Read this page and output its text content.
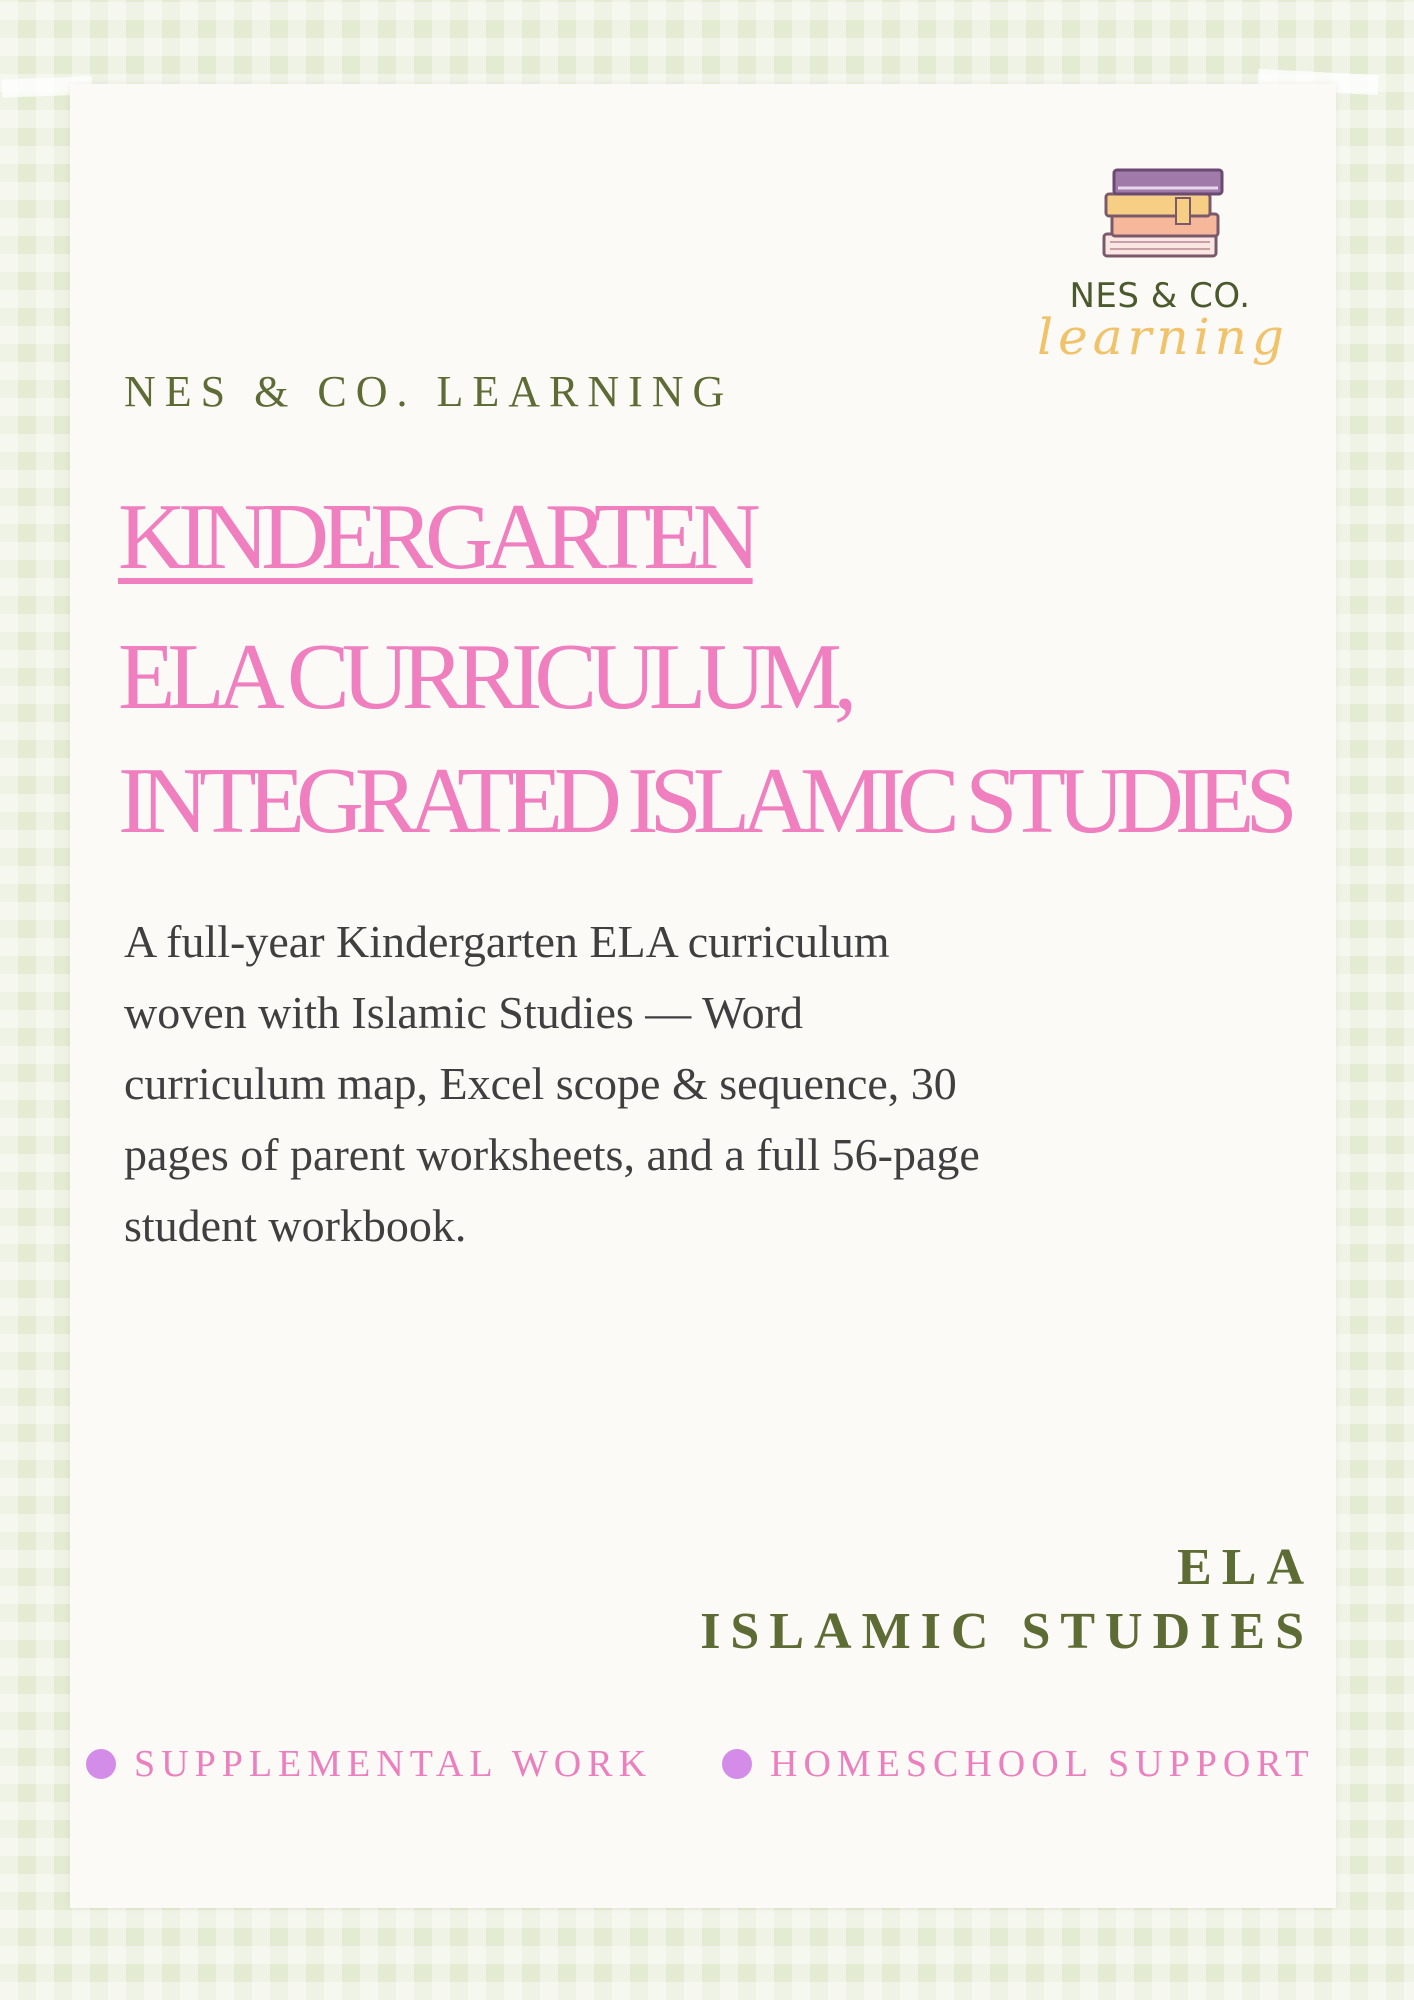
NES & CO.
learning
NES & CO. LEARNING
KINDERGARTEN
ELA CURRICULUM,
INTEGRATED ISLAMIC STUDIES
A full-year Kindergarten ELA curriculum woven with Islamic Studies — Word curriculum map, Excel scope & sequence, 30 pages of parent worksheets, and a full 56-page student workbook.
ELA
ISLAMIC STUDIES
SUPPLEMENTAL WORK	HOMESCHOOL SUPPORT
